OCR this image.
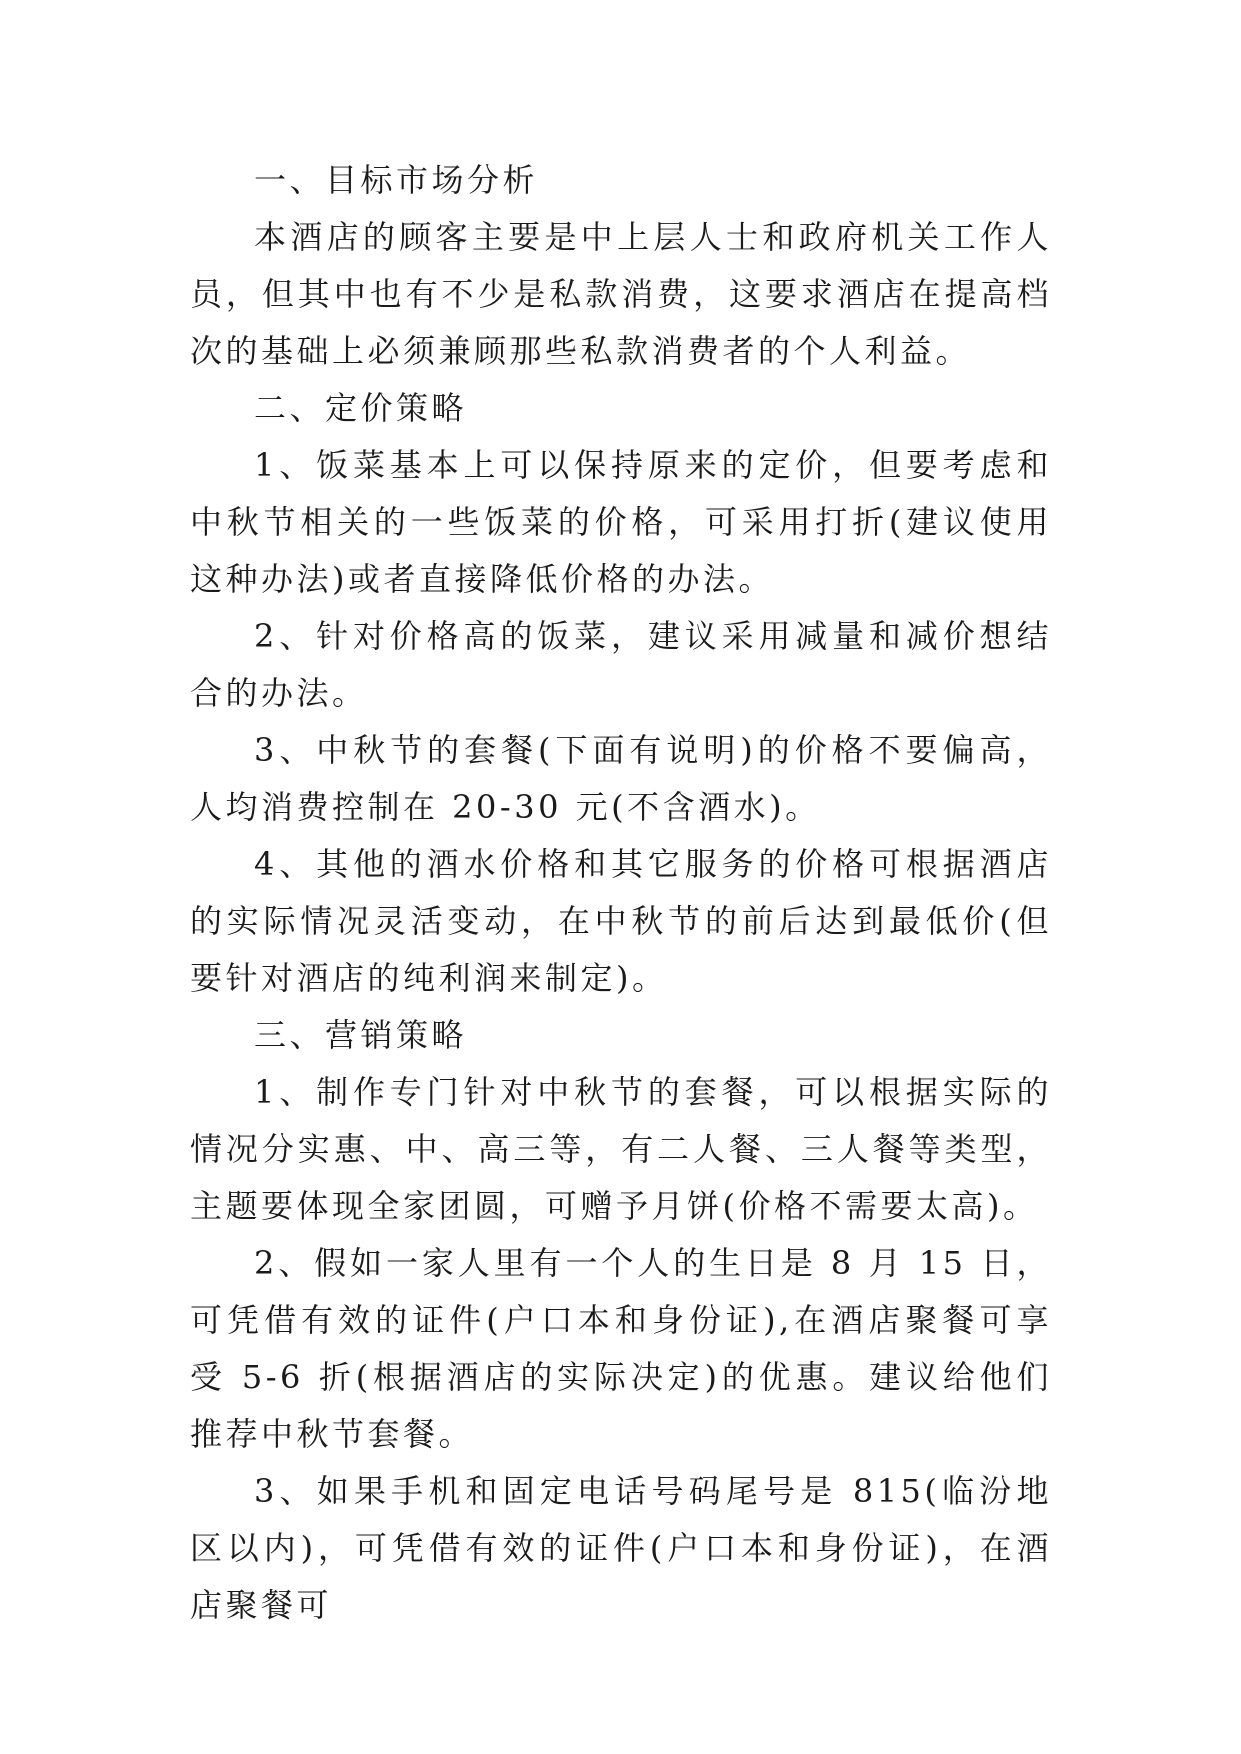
一、目标市场分析

本酒店的顾客主要是中上层人士和政府机关工作人员，但其中也有不少是私款消费，这要求酒店在提高档次的基础上必须兼顾那些私款消费者的个人利益。

二、定价策略

1、饭菜基本上可以保持原来的定价，但要考虑和中秋节相关的一些饭菜的价格，可采用打折(建议使用这种办法)或者直接降低价格的办法。

2、针对价格高的饭菜，建议采用减量和减价想结合的办法。

3、中秋节的套餐(下面有说明)的价格不要偏高，人均消费控制在 20-30 元(不含酒水)。

4、其他的酒水价格和其它服务的价格可根据酒店的实际情况灵活变动，在中秋节的前后达到最低价(但要针对酒店的纯利润来制定)。

三、营销策略

1、制作专门针对中秋节的套餐，可以根据实际的情况分实惠、中、高三等，有二人餐、三人餐等类型，主题要体现全家团圆，可赠予月饼(价格不需要太高)。

2、假如一家人里有一个人的生日是 8 月 15 日，可凭借有效的证件(户口本和身份证),在酒店聚餐可享受 5-6 折(根据酒店的实际决定)的优惠。建议给他们推荐中秋节套餐。

3、如果手机和固定电话号码尾号是 815(临汾地区以内)，可凭借有效的证件(户口本和身份证)，在酒店聚餐可
